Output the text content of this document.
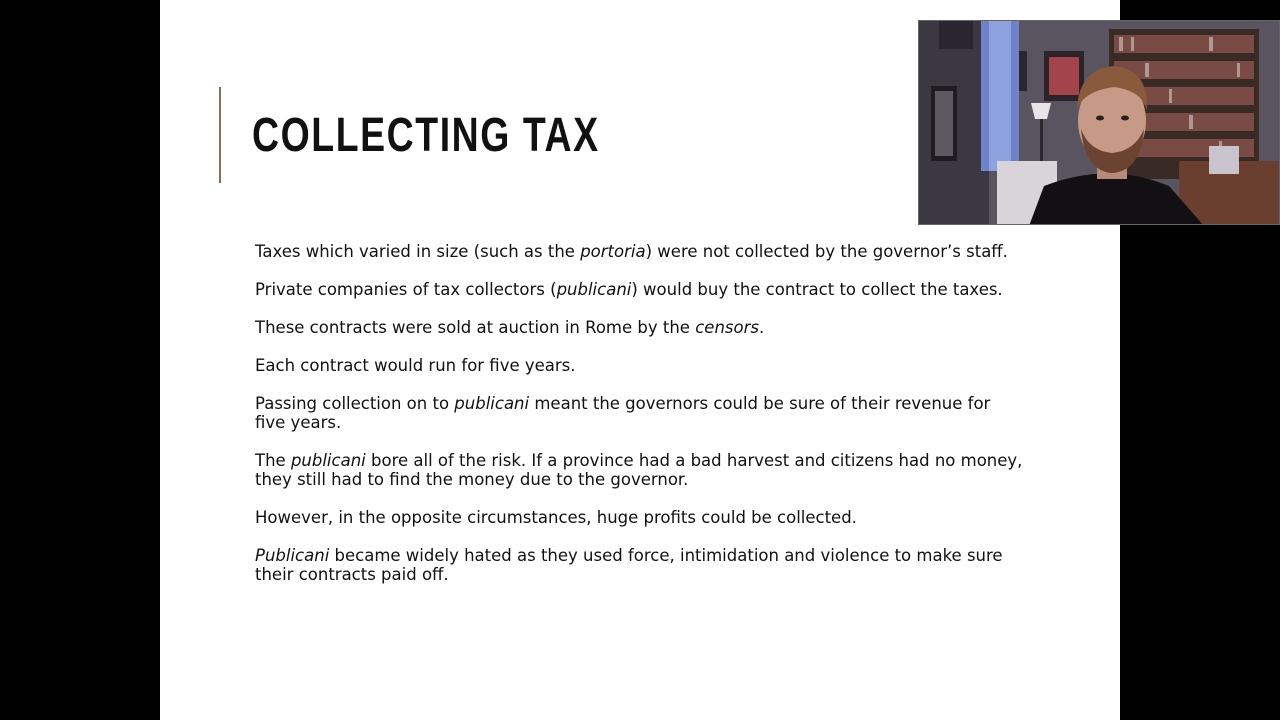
COLLECTING TAX

Taxes which varied in size (such as the portoria) were not collected by the governor’s staff.

Private companies of tax collectors (publicani) would buy the contract to collect the taxes.

These contracts were sold at auction in Rome by the censors.

Each contract would run for five years.

Passing collection on to publicani meant the governors could be sure of their revenue for five years.

The publicani bore all of the risk. If a province had a bad harvest and citizens had no money, they still had to find the money due to the governor.

However, in the opposite circumstances, huge profits could be collected.

Publicani became widely hated as they used force, intimidation and violence to make sure their contracts paid off.
